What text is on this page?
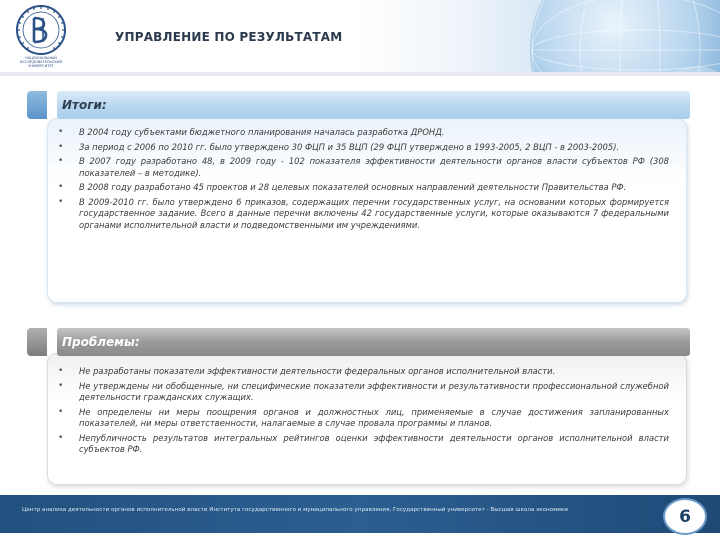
НАЦИОНАЛЬНЫЙ ИССЛЕДОВАТЕЛЬСКИЙ УНИВЕРСИТЕТ
УПРАВЛЕНИЕ ПО РЕЗУЛЬТАТАМ
Итоги:
• В 2004 году субъектами бюджетного планирования началась разработка ДРОНД.
• За период с 2006 по 2010 гг. было утверждено 30 ФЦП и 35 ВЦП (29 ФЦП утверждено в 1993-2005, 2 ВЦП - в 2003-2005).
• В 2007 году разработано 48, в 2009 году - 102 показателя эффективности деятельности органов власти субъектов РФ (308 показателей – в методике).
• В 2008 году разработано 45 проектов и 28 целевых показателей основных направлений деятельности Правительства РФ.
• В 2009-2010 гг. было утверждено 6 приказов, содержащих перечни государственных услуг, на основании которых формируется государственное задание. Всего в данные перечни включены 42 государственные услуги, которые оказываются 7 федеральными органами исполнительной власти и подведомственными им учреждениями.
Проблемы:
• Не разработаны показатели эффективности деятельности федеральных органов исполнительной власти.
• Не утверждены ни обобщенные, ни специфические показатели эффективности и результативности профессиональной служебной деятельности гражданских служащих.
• Не определены ни меры поощрения органов и должностных лиц, применяемые в случае достижения запланированных показателей, ни меры ответственности, налагаемые в случае провала программы и планов.
• Непубличность результатов интегральных рейтингов оценки эффективности деятельности органов исполнительной власти субъектов РФ.
Центр анализа деятельности органов исполнительной власти Института государственного и муниципального управления, Государственный университет - Высшая школа экономики	6
